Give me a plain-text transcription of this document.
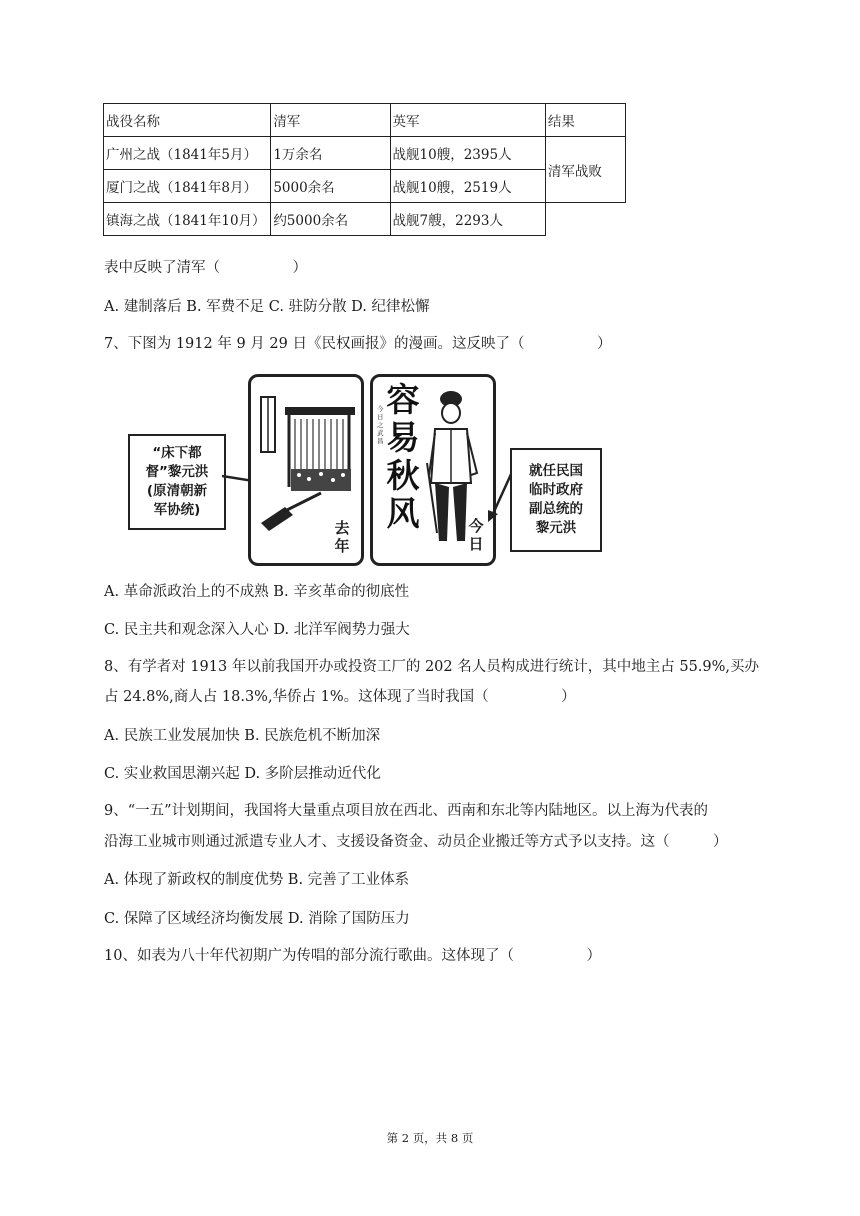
战役名称	清军	英军	结果
广州之战（1841年5月）	1万余名	战舰10艘，2395人	清军战败
厦门之战（1841年8月）	5000余名	战舰10艘，2519人	
镇海之战（1841年10月）	约5000余名	战舰7艘，2293人	
表中反映了清军（　　　　　）
A. 建制落后 B. 军费不足 C. 驻防分散 D. 纪律松懈
7、下图为 1912 年 9 月 29 日《民权画报》的漫画。这反映了（　　　　　）
“床下都
督”黎元洪
(原清朝新
军协统)
去年
今日之武昌
容易秋风	今日
就任民国
临时政府
副总统的
黎元洪
A. 革命派政治上的不成熟 B. 辛亥革命的彻底性
C. 民主共和观念深入人心 D. 北洋军阀势力强大
8、有学者对 1913 年以前我国开办或投资工厂的 202 名人员构成进行统计，其中地主占 55.9%,买办
占 24.8%,商人占 18.3%,华侨占 1%。这体现了当时我国（　　　　　）
A. 民族工业发展加快 B. 民族危机不断加深
C. 实业救国思潮兴起 D. 多阶层推动近代化
9、“一五”计划期间，我国将大量重点项目放在西北、西南和东北等内陆地区。以上海为代表的
沿海工业城市则通过派遣专业人才、支援设备资金、动员企业搬迁等方式予以支持。这（　　　）
A. 体现了新政权的制度优势 B. 完善了工业体系
C. 保障了区域经济均衡发展 D. 消除了国防压力
10、如表为八十年代初期广为传唱的部分流行歌曲。这体现了（　　　　　）
第 2 页，共 8 页
